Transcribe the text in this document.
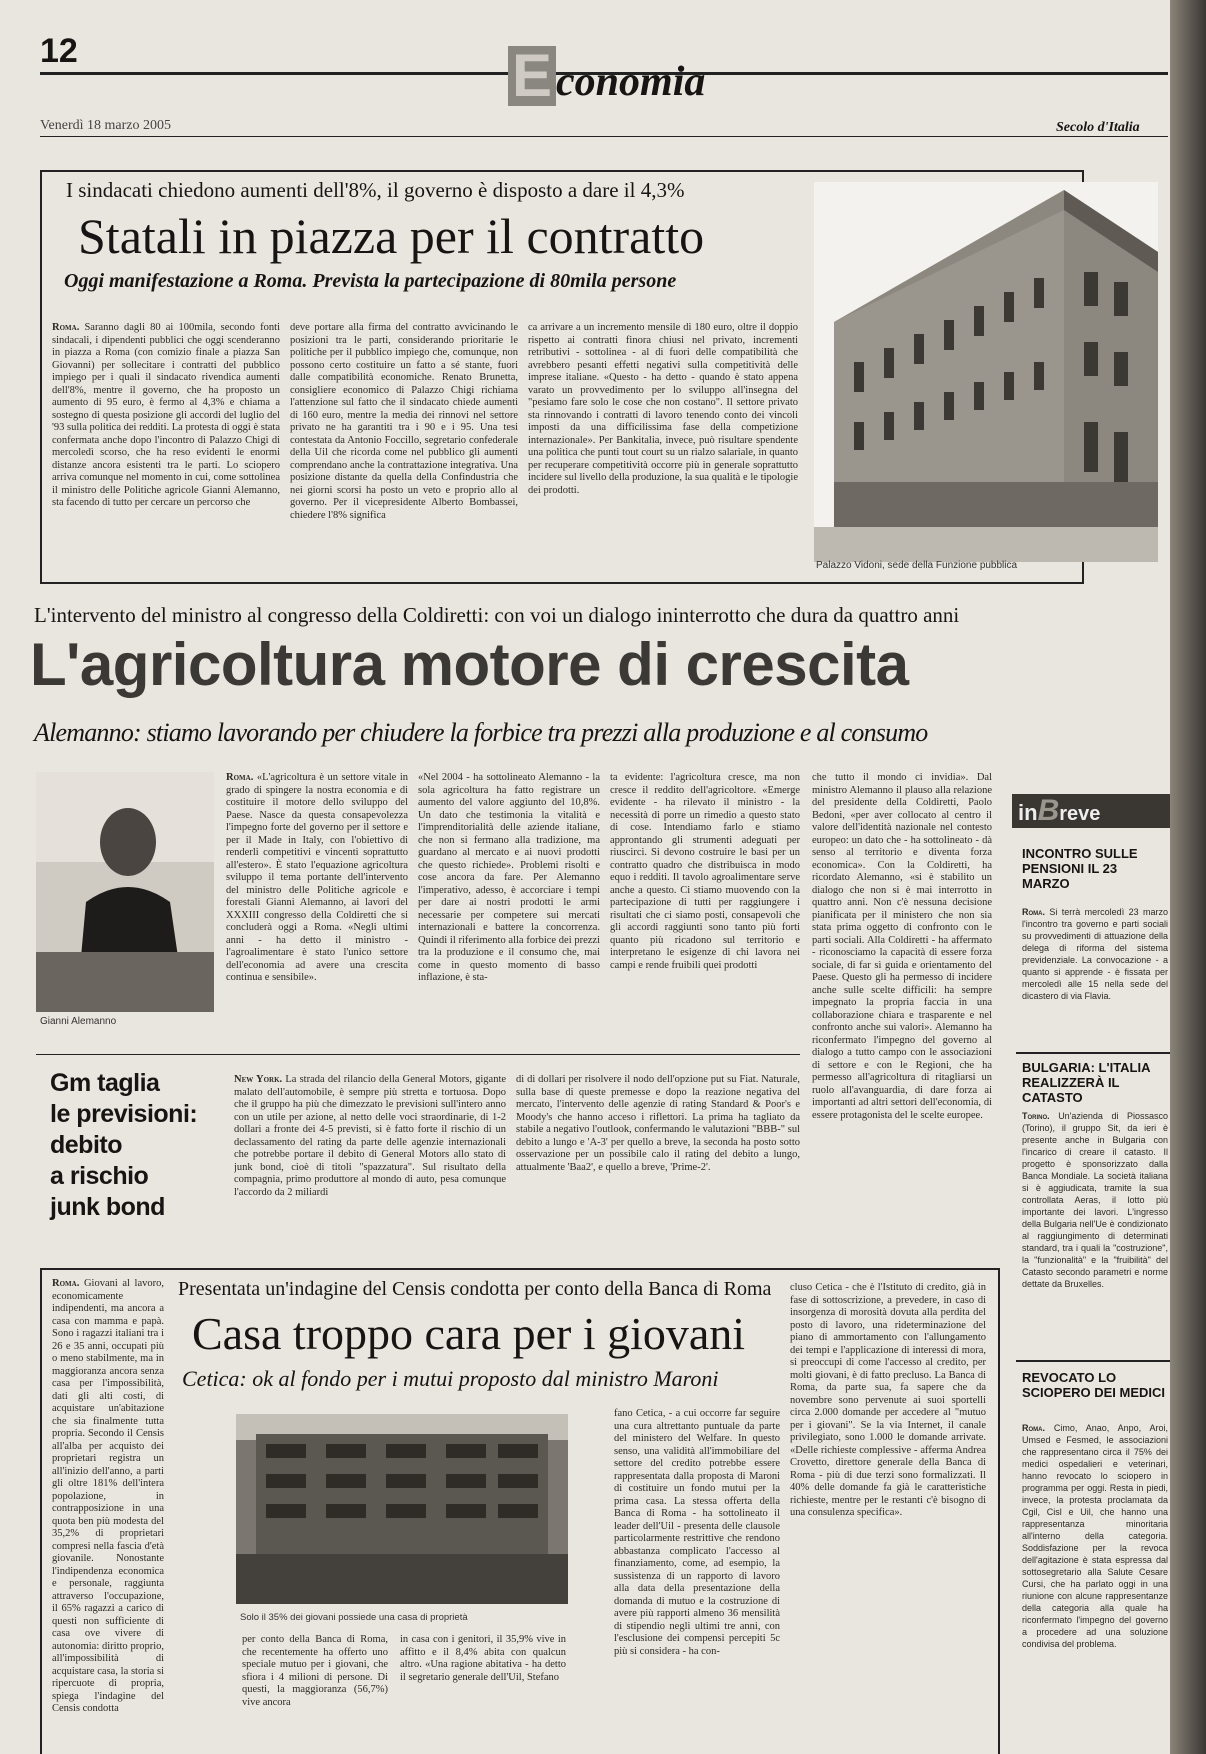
12	Economia
Venerdì 18 marzo 2005	Secolo d'Italia
I sindacati chiedono aumenti dell'8%, il governo è disposto a dare il 4,3%
Statali in piazza per il contratto
Oggi manifestazione a Roma. Prevista la partecipazione di 80mila persone
Roma. Saranno dagli 80 ai 100mila, secondo fonti sindacali, i dipendenti pubblici che oggi scenderanno in piazza a Roma (con comizio finale a piazza San Giovanni) per sollecitare i contratti del pubblico impiego per i quali il sindacato rivendica aumenti dell'8%, mentre il governo, che ha proposto un aumento di 95 euro, è fermo al 4,3% e chiama a sostegno di questa posizione gli accordi del luglio del '93 sulla politica dei redditi. La protesta di oggi è stata confermata anche dopo l'incontro di Palazzo Chigi di mercoledì scorso, che ha reso evidenti le enormi distanze ancora esistenti tra le parti. Lo sciopero arriva comunque nel momento in cui, come sottolinea il ministro delle Politiche agricole Gianni Alemanno, sta facendo di tutto per cercare un percorso che
deve portare alla firma del contratto avvicinando le posizioni tra le parti, considerando prioritarie le politiche per il pubblico impiego che, comunque, non possono certo costituire un fatto a sé stante, fuori dalle compatibilità economiche. Renato Brunetta, consigliere economico di Palazzo Chigi richiama l'attenzione sul fatto che il sindacato chiede aumenti di 160 euro, mentre la media dei rinnovi nel settore privato ne ha garantiti tra i 90 e i 95. Una tesi contestata da Antonio Foccillo, segretario confederale della Uil che ricorda come nel pubblico gli aumenti comprendano anche la contrattazione integrativa. Una posizione distante da quella della Confindustria che nei giorni scorsi ha posto un veto e proprio allo al governo. Per il vicepresidente Alberto Bombassei, chiedere l'8% significa
ca arrivare a un incremento mensile di 180 euro, oltre il doppio rispetto ai contratti finora chiusi nel privato, incrementi retributivi - sottolinea - al di fuori delle compatibilità che avrebbero pesanti effetti negativi sulla competitività delle imprese italiane. «Questo - ha detto - quando è stato appena varato un provvedimento per lo sviluppo all'insegna del "pesiamo fare solo le cose che non costano". Il settore privato sta rinnovando i contratti di lavoro tenendo conto dei vincoli imposti da una difficilissima fase della competizione internazionale». Per Bankitalia, invece, può risultare spendente una politica che punti tout court su un rialzo salariale, in quanto per recuperare competitività occorre più in generale soprattutto incidere sul livello della produzione, la sua qualità e le tipologie dei prodotti.
Palazzo Vidoni, sede della Funzione pubblica
L'intervento del ministro al congresso della Coldiretti: con voi un dialogo ininterrotto che dura da quattro anni
L'agricoltura motore di crescita
Alemanno: stiamo lavorando per chiudere la forbice tra prezzi alla produzione e al consumo
Gianni Alemanno
Roma. «L'agricoltura è un settore vitale in grado di spingere la nostra economia e di costituire il motore dello sviluppo del Paese. Nasce da questa consapevolezza l'impegno forte del governo per il settore e per il Made in Italy, con l'obiettivo di renderli competitivi e vincenti soprattutto all'estero». È stato l'equazione agricoltura sviluppo il tema portante dell'intervento del ministro delle Politiche agricole e forestali Gianni Alemanno, ai lavori del XXXIII congresso della Coldiretti che si concluderà oggi a Roma. «Negli ultimi anni - ha detto il ministro - l'agroalimentare è stato l'unico settore dell'economia ad avere una crescita continua e sensibile».
«Nel 2004 - ha sottolineato Alemanno - la sola agricoltura ha fatto registrare un aumento del valore aggiunto del 10,8%. Un dato che testimonia la vitalità e l'imprenditorialità delle aziende italiane, che non si fermano alla tradizione, ma guardano al mercato e ai nuovi prodotti che questo richiede». Problemi risolti e cose ancora da fare. Per Alemanno l'imperativo, adesso, è accorciare i tempi per dare ai nostri prodotti le armi necessarie per competere sui mercati internazionali e battere la concorrenza. Quindi il riferimento alla forbice dei prezzi tra la produzione e il consumo che, mai come in questo momento di basso inflazione, è sta-
ta evidente: l'agricoltura cresce, ma non cresce il reddito dell'agricoltore. «Emerge evidente - ha rilevato il ministro - la necessità di porre un rimedio a questo stato di cose. Intendiamo farlo e stiamo approntando gli strumenti adeguati per riuscirci. Si devono costruire le basi per un contratto quadro che distribuisca in modo equo i redditi. Il tavolo agroalimentare serve anche a questo. Ci stiamo muovendo con la partecipazione di tutti per raggiungere i risultati che ci siamo posti, consapevoli che gli accordi raggiunti sono tanto più forti quanto più ricadono sul territorio e interpretano le esigenze di chi lavora nei campi e rende fruibili quei prodotti
che tutto il mondo ci invidia». Dal ministro Alemanno il plauso alla relazione del presidente della Coldiretti, Paolo Bedoni, «per aver collocato al centro il valore dell'identità nazionale nel contesto europeo: un dato che - ha sottolineato - dà senso al territorio e diventa forza economica». Con la Coldiretti, ha ricordato Alemanno, «si è stabilito un dialogo che non si è mai interrotto in quattro anni. Non c'è nessuna decisione pianificata per il ministero che non sia stata prima oggetto di confronto con le parti sociali. Alla Coldiretti - ha affermato - riconosciamo la capacità di essere forza sociale, di far sì guida e orientamento del Paese. Questo gli ha permesso di incidere anche sulle scelte difficili: ha sempre impegnato la propria faccia in una collaborazione chiara e trasparente e nel confronto anche sui valori». Alemanno ha riconfermato l'impegno del governo al dialogo a tutto campo con le associazioni di settore e con le Regioni, che ha permesso all'agricoltura di ritagliarsi un ruolo all'avanguardia, di dare forza ai importanti ad altri settori dell'economia, di essere protagonista del le scelte europee.
Gm taglia
le previsioni:
debito
a rischio
junk bond
New York. La strada del rilancio della General Motors, gigante malato dell'automobile, è sempre più stretta e tortuosa. Dopo che il gruppo ha più che dimezzato le previsioni sull'intero anno con un utile per azione, al netto delle voci straordinarie, di 1-2 dollari a fronte dei 4-5 previsti, si è fatto forte il rischio di un declassamento del rating da parte delle agenzie internazionali che potrebbe portare il debito di General Motors allo stato di junk bond, cioè di titoli "spazzatura". Sul risultato della compagnia, primo produttore al mondo di auto, pesa comunque l'accordo da 2 miliardi
di di dollari per risolvere il nodo dell'opzione put su Fiat. Naturale, sulla base di queste premesse e dopo la reazione negativa del mercato, l'intervento delle agenzie di rating Standard & Poor's e Moody's che hanno acceso i riflettori. La prima ha tagliato da stabile a negativo l'outlook, confermando le valutazioni "BBB-" sul debito a lungo e 'A-3' per quello a breve, la seconda ha posto sotto osservazione per un possibile calo il rating del debito a lungo, attualmente 'Baa2', e quello a breve, 'Prime-2'.
inBreve
INCONTRO SULLE PENSIONI IL 23 MARZO
Roma. Si terrà mercoledì 23 marzo l'incontro tra governo e parti sociali su provvedimenti di attuazione della delega di riforma del sistema previdenziale. La convocazione - a quanto si apprende - è fissata per mercoledì alle 15 nella sede del dicastero di via Flavia.
BULGARIA: L'ITALIA REALIZZERÀ IL CATASTO
Torino. Un'azienda di Piossasco (Torino), il gruppo Sit, da ieri è presente anche in Bulgaria con l'incarico di creare il catasto. Il progetto è sponsorizzato dalla Banca Mondiale. La società italiana si è aggiudicata, tramite la sua controllata Aeras, il lotto più importante dei lavori. L'ingresso della Bulgaria nell'Ue è condizionato al raggiungimento di determinati standard, tra i quali la "costruzione", la "funzionalità" e la "fruibilità" del Catasto secondo parametri e norme dettate da Bruxelles.
REVOCATO LO SCIOPERO DEI MEDICI
Roma. Cimo, Anao, Anpo, Aroi, Umsed e Fesmed, le associazioni che rappresentano circa il 75% dei medici ospedalieri e veterinari, hanno revocato lo sciopero in programma per oggi. Resta in piedi, invece, la protesta proclamata da Cgil, Cisl e Uil, che hanno una rappresentanza minoritaria all'interno della categoria. Soddisfazione per la revoca dell'agitazione è stata espressa dal sottosegretario alla Salute Cesare Cursi, che ha parlato oggi in una riunione con alcune rappresentanze della categoria alla quale ha riconfermato l'impegno del governo a procedere ad una soluzione condivisa del problema.
Roma. Giovani al lavoro, economicamente indipendenti, ma ancora a casa con mamma e papà. Sono i ragazzi italiani tra i 26 e 35 anni, occupati più o meno stabilmente, ma in maggioranza ancora senza casa per l'impossibilità, dati gli alti costi, di acquistare un'abitazione che sia finalmente tutta propria. Secondo il Censis all'alba per acquisto dei proprietari registra un all'inizio dell'anno, a parti gli oltre 181% dell'intera popolazione, in contrapposizione in una quota ben più modesta del 35,2% di proprietari compresi nella fascia d'età giovanile. Nonostante l'indipendenza economica e personale, raggiunta attraverso l'occupazione, il 65% ragazzi a carico di questi non sufficiente di casa ove vivere di autonomia: diritto proprio, all'impossibilità di acquistare casa, la storia si ripercuote di propria, spiega l'indagine del Censis condotta
Presentata un'indagine del Censis condotta per conto della Banca di Roma
Casa troppo cara per i giovani
Cetica: ok al fondo per i mutui proposto dal ministro Maroni
Solo il 35% dei giovani possiede una casa di proprietà
per conto della Banca di Roma, che recentemente ha offerto uno speciale mutuo per i giovani, che sfiora i 4 milioni di persone. Di questi, la maggioranza (56,7%) vive ancora
in casa con i genitori, il 35,9% vive in affitto e il 8,4% abita con qualcun altro. «Una ragione abitativa - ha detto il segretario generale dell'Uil, Stefano
fano Cetica, - a cui occorre far seguire una cura altrettanto puntuale da parte del ministero del Welfare. In questo senso, una validità all'immobiliare del settore del credito potrebbe essere rappresentata dalla proposta di Maroni di costituire un fondo mutui per la prima casa. La stessa offerta della Banca di Roma - ha sottolineato il leader dell'Uil - presenta delle clausole particolarmente restrittive che rendono abbastanza complicato l'accesso al finanziamento, come, ad esempio, la sussistenza di un rapporto di lavoro alla data della presentazione della domanda di mutuo e la costruzione di avere più rapporti almeno 36 mensilità di stipendio negli ultimi tre anni, con l'esclusione dei compensi percepiti 5c più si considera - ha con-
cluso Cetica - che è l'Istituto di credito, già in fase di sottoscrizione, a prevedere, in caso di insorgenza di morosità dovuta alla perdita del posto di lavoro, una rideterminazione del piano di ammortamento con l'allungamento dei tempi e l'applicazione di interessi di mora, si preoccupi di come l'accesso al credito, per molti giovani, è di fatto precluso. La Banca di Roma, da parte sua, fa sapere che da novembre sono pervenute ai suoi sportelli circa 2.000 domande per accedere al "mutuo per i giovani". Se la via Internet, il canale privilegiato, sono 1.000 le domande arrivate. «Delle richieste complessive - afferma Andrea Crovetto, direttore generale della Banca di Roma - più di due terzi sono formalizzati. Il 40% delle domande fa già le caratteristiche richieste, mentre per le restanti c'è bisogno di una consulenza specifica».
